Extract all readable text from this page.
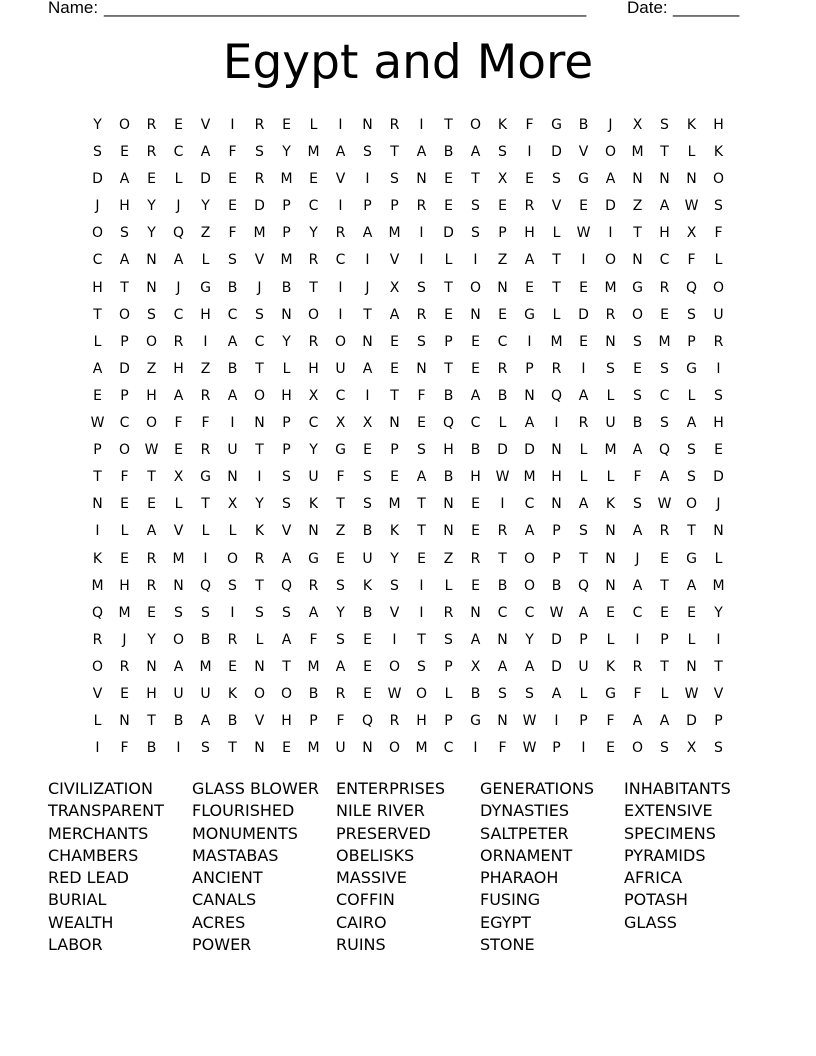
Name:

___________________________________________________

Date:

_______

Egypt and More
Y	O	R	E	V	I	R	E	L	I	N	R	I	T	O	K	F	G	B	J	X	S	K	H
S	E	R	C	A	F	S	Y	M	A	S	T	A	B	A	S	I	D	V	O	M	T	L	K
D	A	E	L	D	E	R	M	E	V	I	S	N	E	T	X	E	S	G	A	N	N	N	O
J	H	Y	J	Y	E	D	P	C	I	P	P	R	E	S	E	R	V	E	D	Z	A	W	S
O	S	Y	Q	Z	F	M	P	Y	R	A	M	I	D	S	P	H	L	W	I	T	H	X	F
C	A	N	A	L	S	V	M	R	C	I	V	I	L	I	Z	A	T	I	O	N	C	F	L
H	T	N	J	G	B	J	B	T	I	J	X	S	T	O	N	E	T	E	M	G	R	Q	O
T	O	S	C	H	C	S	N	O	I	T	A	R	E	N	E	G	L	D	R	O	E	S	U
L	P	O	R	I	A	C	Y	R	O	N	E	S	P	E	C	I	M	E	N	S	M	P	R
A	D	Z	H	Z	B	T	L	H	U	A	E	N	T	E	R	P	R	I	S	E	S	G	I
E	P	H	A	R	A	O	H	X	C	I	T	F	B	A	B	N	Q	A	L	S	C	L	S
W	C	O	F	F	I	N	P	C	X	X	N	E	Q	C	L	A	I	R	U	B	S	A	H
P	O	W	E	R	U	T	P	Y	G	E	P	S	H	B	D	D	N	L	M	A	Q	S	E
T	F	T	X	G	N	I	S	U	F	S	E	A	B	H	W	M	H	L	L	F	A	S	D
N	E	E	L	T	X	Y	S	K	T	S	M	T	N	E	I	C	N	A	K	S	W	O	J
I	L	A	V	L	L	K	V	N	Z	B	K	T	N	E	R	A	P	S	N	A	R	T	N
K	E	R	M	I	O	R	A	G	E	U	Y	E	Z	R	T	O	P	T	N	J	E	G	L
M	H	R	N	Q	S	T	Q	R	S	K	S	I	L	E	B	O	B	Q	N	A	T	A	M
Q	M	E	S	S	I	S	S	A	Y	B	V	I	R	N	C	C	W	A	E	C	E	E	Y
R	J	Y	O	B	R	L	A	F	S	E	I	T	S	A	N	Y	D	P	L	I	P	L	I
O	R	N	A	M	E	N	T	M	A	E	O	S	P	X	A	A	D	U	K	R	T	N	T
V	E	H	U	U	K	O	O	B	R	E	W	O	L	B	S	S	A	L	G	F	L	W	V
L	N	T	B	A	B	V	H	P	F	Q	R	H	P	G	N	W	I	P	F	A	A	D	P
I	F	B	I	S	T	N	E	M	U	N	O	M	C	I	F	W	P	I	E	O	S	X	S
CIVILIZATION
TRANSPARENT
MERCHANTS
CHAMBERS
RED LEAD
BURIAL
WEALTH
LABOR
GLASS BLOWER
FLOURISHED
MONUMENTS
MASTABAS
ANCIENT
CANALS
ACRES
POWER
ENTERPRISES
NILE RIVER
PRESERVED
OBELISKS
MASSIVE
COFFIN
CAIRO
RUINS
GENERATIONS
DYNASTIES
SALTPETER
ORNAMENT
PHARAOH
FUSING
EGYPT
STONE
INHABITANTS
EXTENSIVE
SPECIMENS
PYRAMIDS
AFRICA
POTASH
GLASS
